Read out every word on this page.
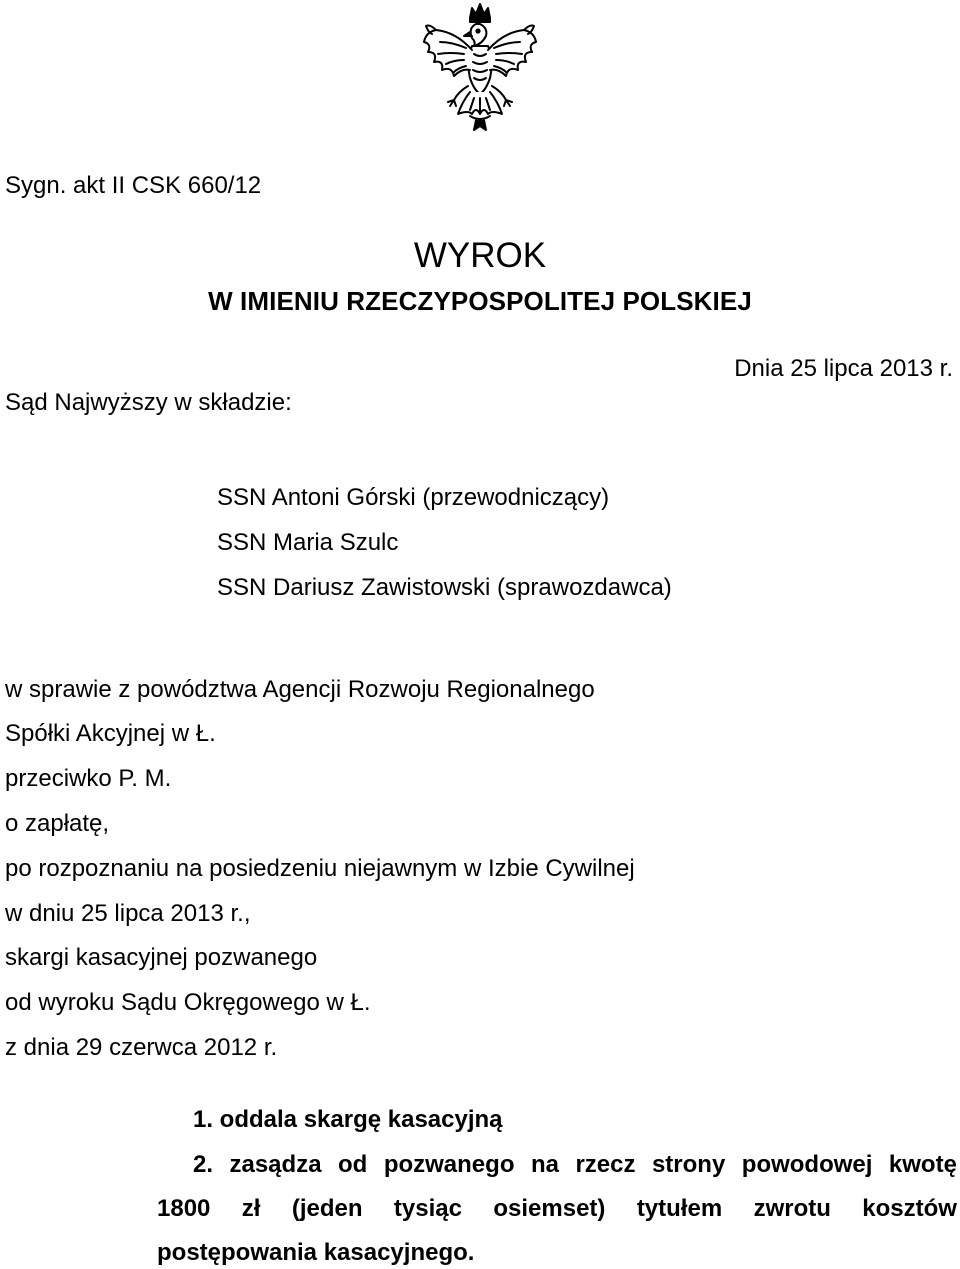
Sygn. akt II CSK 660/12
WYROK
W IMIENIU RZECZYPOSPOLITEJ POLSKIEJ
Dnia 25 lipca 2013 r.
Sąd Najwyższy w składzie:
SSN Antoni Górski (przewodniczący)
SSN Maria Szulc
SSN Dariusz Zawistowski (sprawozdawca)
w sprawie z powództwa Agencji Rozwoju Regionalnego
Spółki Akcyjnej w Ł.
przeciwko P. M.
o zapłatę,
po rozpoznaniu na posiedzeniu niejawnym w Izbie Cywilnej
w dniu 25 lipca 2013 r.,
skargi kasacyjnej pozwanego
od wyroku Sądu Okręgowego w Ł.
z dnia 29 czerwca 2012 r.
1. oddala skargę kasacyjną
2. zasądza od pozwanego na rzecz strony powodowej kwotę
1800 zł (jeden tysiąc osiemset) tytułem zwrotu kosztów
postępowania kasacyjnego.
